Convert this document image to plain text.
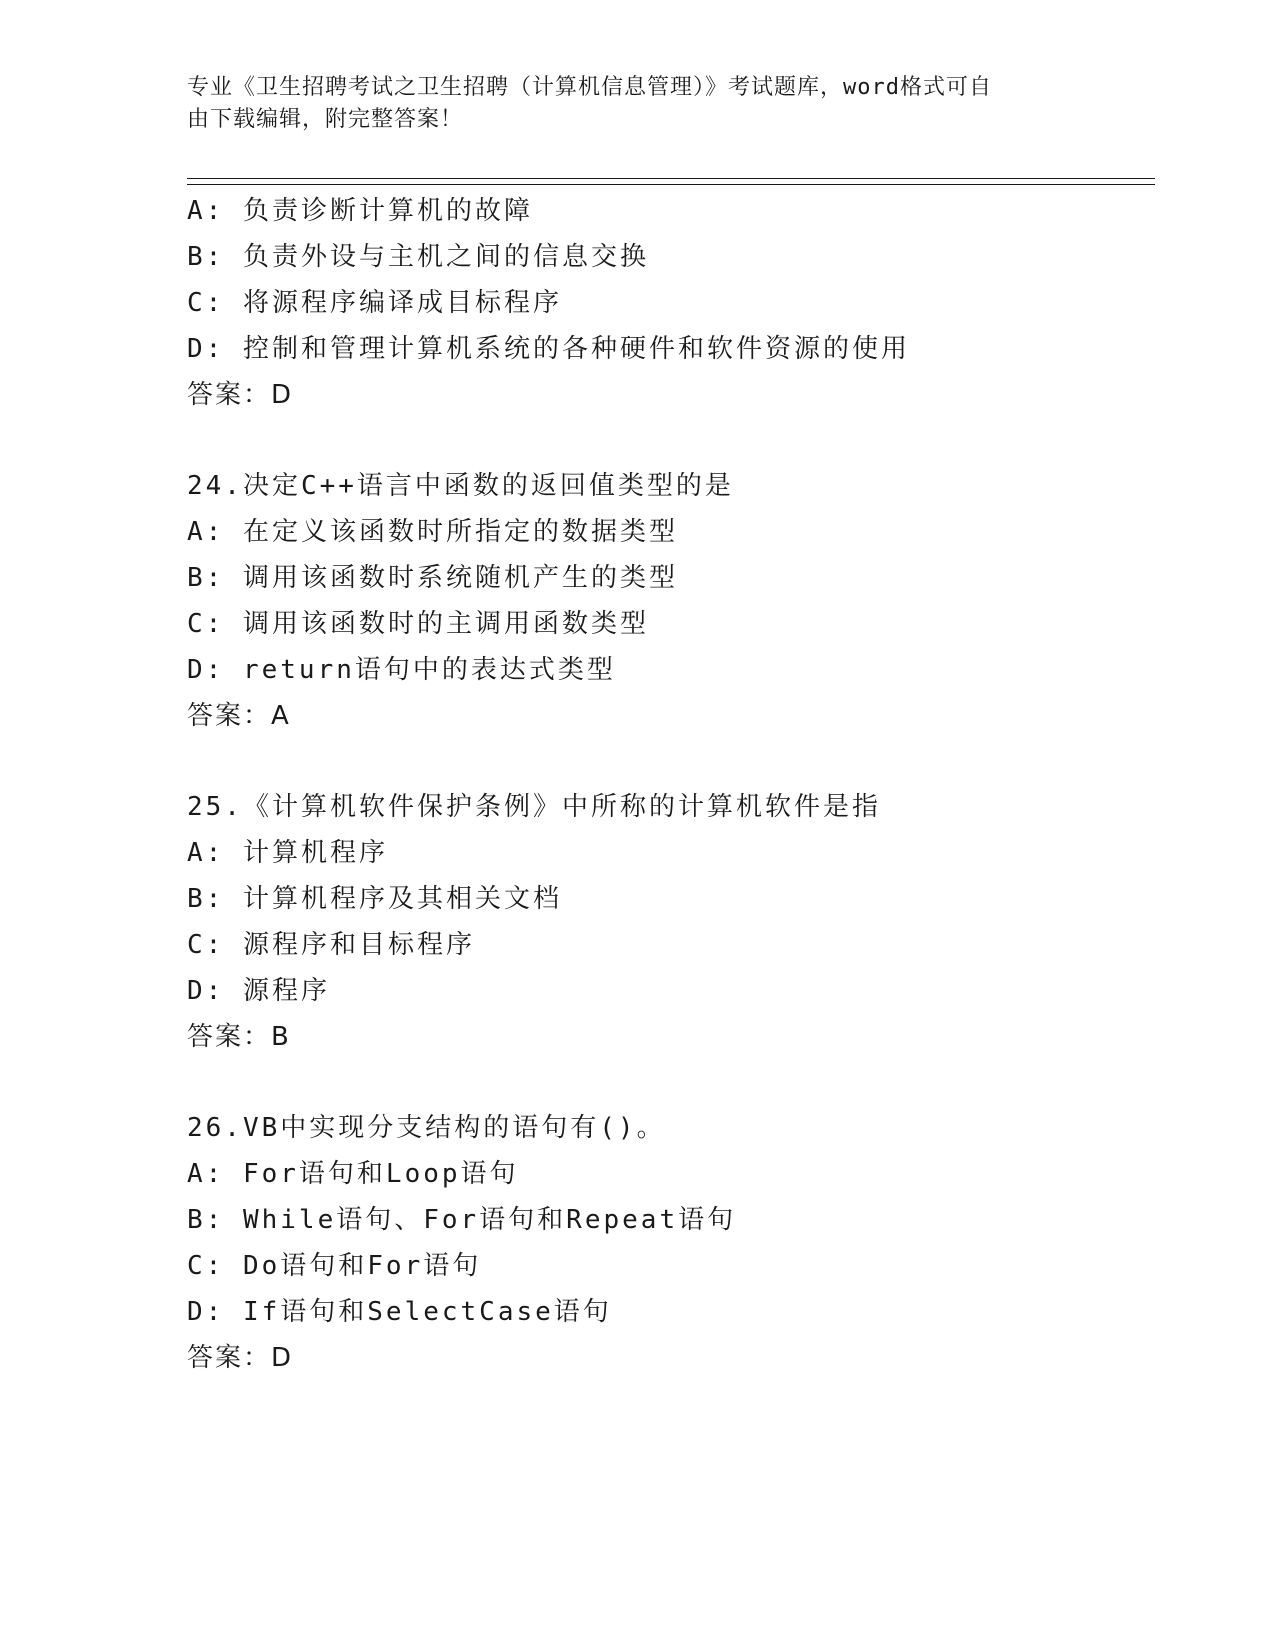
专业《卫生招聘考试之卫生招聘（计算机信息管理）》考试题库，word格式可自
由下载编辑，附完整答案！
A: 负责诊断计算机的故障
B: 负责外设与主机之间的信息交换
C: 将源程序编译成目标程序
D: 控制和管理计算机系统的各种硬件和软件资源的使用
答案：D
24.决定C++语言中函数的返回值类型的是
A: 在定义该函数时所指定的数据类型
B: 调用该函数时系统随机产生的类型
C: 调用该函数时的主调用函数类型
D: return语句中的表达式类型
答案：A
25.《计算机软件保护条例》中所称的计算机软件是指
A: 计算机程序
B: 计算机程序及其相关文档
C: 源程序和目标程序
D: 源程序
答案：B
26.VB中实现分支结构的语句有()。
A: For语句和Loop语句
B: While语句、For语句和Repeat语句
C: Do语句和For语句
D: If语句和SelectCase语句
答案：D
